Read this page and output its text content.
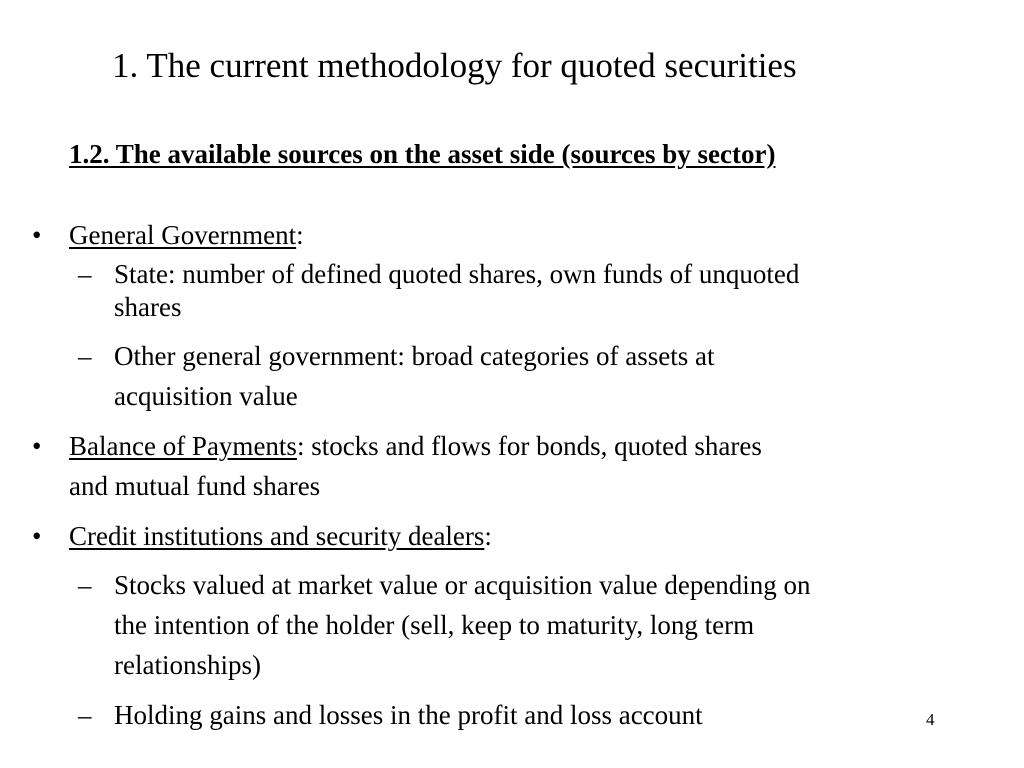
1. The current methodology for quoted securities
1.2. The available sources on the asset side (sources by sector)
• General Government:
– State: number of defined quoted shares, own funds of unquoted
shares
– Other general government: broad categories of assets at
acquisition value
• Balance of Payments: stocks and flows for bonds, quoted shares
and mutual fund shares
• Credit institutions and security dealers:
– Stocks valued at market value or acquisition value depending on
the intention of the holder (sell, keep to maturity, long term
relationships)
– Holding gains and losses in the profit and loss account	4
